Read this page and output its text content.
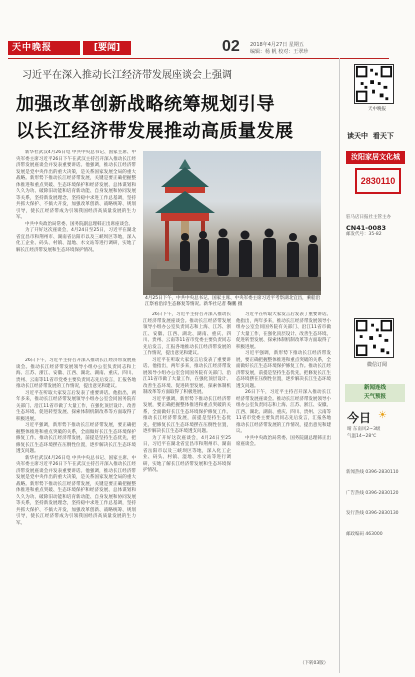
天中晚报	[要闻]	02 2018年4月27日 星期五
编辑：杨 帆 校对：王翠珍
习近平在深入推动长江经济带发展座谈会上强调
加强改革创新战略统筹规划引导
以长江经济带发展推动高质量发展

新华社武汉4月26日电 中共中央总书记、国家主席、中央军委主席习近平26日下午在武汉主持召开深入推动长江经济带发展座谈会并发表重要讲话。他强调，推动长江经济带发展是党中央作出的重大决策，是关系国家发展全局的重大战略。新形势下推动长江经济带发展，关键是要正确把握整体推进和重点突破、生态环境保护和经济发展、总体谋划和久久为功、破除旧动能和培育新动能、自身发展和协同发展等关系，坚持新发展理念，坚持稳中求进工作总基调，坚持共抓大保护、不搞大开发，加强改革创新、战略统筹、规划引导，使长江经济带成为引领我国经济高质量发展的生力军。

中共中央政治局常委、国务院副总理韩正出席座谈会。

为了开好这次座谈会，4月24日至25日，习近平在湖北省宜昌市和荆州市、湖南省岳阳市以及三峡坝区等地，深入化工企业、码头、村镇、湿地、水文站等进行调研，实地了解长江经济带发展和生态环境保护情况。

26日下午，习近平主持召开深入推动长江经济带发展座谈会。推动长江经济带发展领导小组办公室负责同志和上海、江苏、浙江、安徽、江西、湖北、湖南、重庆、四川、贵州、云南等11省市党委主要负责同志先后发言，汇报各地推动长江经济带发展的工作情况，提出意见和建议。

习近平在听取大家发言后发表了重要讲话。他指出，两年多来，推动长江经济带发展领导小组办公室会同国务院有关部门、沿江11省市做了大量工作，在强化顶层设计、改善生态环境、促进转型发展、探索体制机制改革等方面取得了积极进展。

习近平强调，新形势下推动长江经济带发展，要正确把握整体推进和重点突破的关系，全面做好长江生态环境保护修复工作。推动长江经济带发展，前提是坚持生态优先，把修复长江生态环境摆在压倒性位置，逐步解决长江生态环境透支问题。

新华社武汉4月26日电 中共中央总书记、国家主席、中央军委主席习近平26日下午在武汉主持召开深入推动长江经济带发展座谈会并发表重要讲话。他强调，推动长江经济带发展是党中央作出的重大决策，是关系国家发展全局的重大战略。新形势下推动长江经济带发展，关键是要正确把握整体推进和重点突破、生态环境保护和经济发展、总体谋划和久久为功、破除旧动能和培育新动能、自身发展和协同发展等关系，坚持新发展理念，坚持稳中求进工作总基调，坚持共抓大保护、不搞大开发，加强改革创新、战略统筹、规划引导，使长江经济带成为引领我国经济高质量发展的生力军。

4月25日下午，中共中央总书记、国家主席、中央军委主席习近平考察湖北宜昌，乘船沿江察看沿岸生态修复等情况。新华社记者 鞠鹏 摄

26日下午，习近平主持召开深入推动长江经济带发展座谈会。推动长江经济带发展领导小组办公室负责同志和上海、江苏、浙江、安徽、江西、湖北、湖南、重庆、四川、贵州、云南等11省市党委主要负责同志先后发言，汇报各地推动长江经济带发展的工作情况，提出意见和建议。

习近平在听取大家发言后发表了重要讲话。他指出，两年多来，推动长江经济带发展领导小组办公室会同国务院有关部门、沿江11省市做了大量工作，在强化顶层设计、改善生态环境、促进转型发展、探索体制机制改革等方面取得了积极进展。

习近平强调，新形势下推动长江经济带发展，要正确把握整体推进和重点突破的关系，全面做好长江生态环境保护修复工作。推动长江经济带发展，前提是坚持生态优先，把修复长江生态环境摆在压倒性位置，逐步解决长江生态环境透支问题。

为了开好这次座谈会，4月24日至25日，习近平在湖北省宜昌市和荆州市、湖南省岳阳市以及三峡坝区等地，深入化工企业、码头、村镇、湿地、水文站等进行调研，实地了解长江经济带发展和生态环境保护情况。

习近平在听取大家发言后发表了重要讲话。他指出，两年多来，推动长江经济带发展领导小组办公室会同国务院有关部门、沿江11省市做了大量工作，在强化顶层设计、改善生态环境、促进转型发展、探索体制机制改革等方面取得了积极进展。

习近平强调，新形势下推动长江经济带发展，要正确把握整体推进和重点突破的关系，全面做好长江生态环境保护修复工作。推动长江经济带发展，前提是坚持生态优先，把修复长江生态环境摆在压倒性位置，逐步解决长江生态环境透支问题。

26日下午，习近平主持召开深入推动长江经济带发展座谈会。推动长江经济带发展领导小组办公室负责同志和上海、江苏、浙江、安徽、江西、湖北、湖南、重庆、四川、贵州、云南等11省市党委主要负责同志先后发言，汇报各地推动长江经济带发展的工作情况，提出意见和建议。

中共中央政治局常委、国务院副总理韩正出席座谈会。

（下转03版）
天中晚报
读天中 看天下
汝阳家居文化城
2830110
驻马店日报社主管主办
CN41-0083
邮发代号：35-82
微信订阅
新闻连线
天气预报
今日 ☀
晴 东南风2~3级
气温14~28℃
新闻热线 0396-2830110
广告热线 0396-2830120
发行热线 0396-2830130
邮政编码 463000
